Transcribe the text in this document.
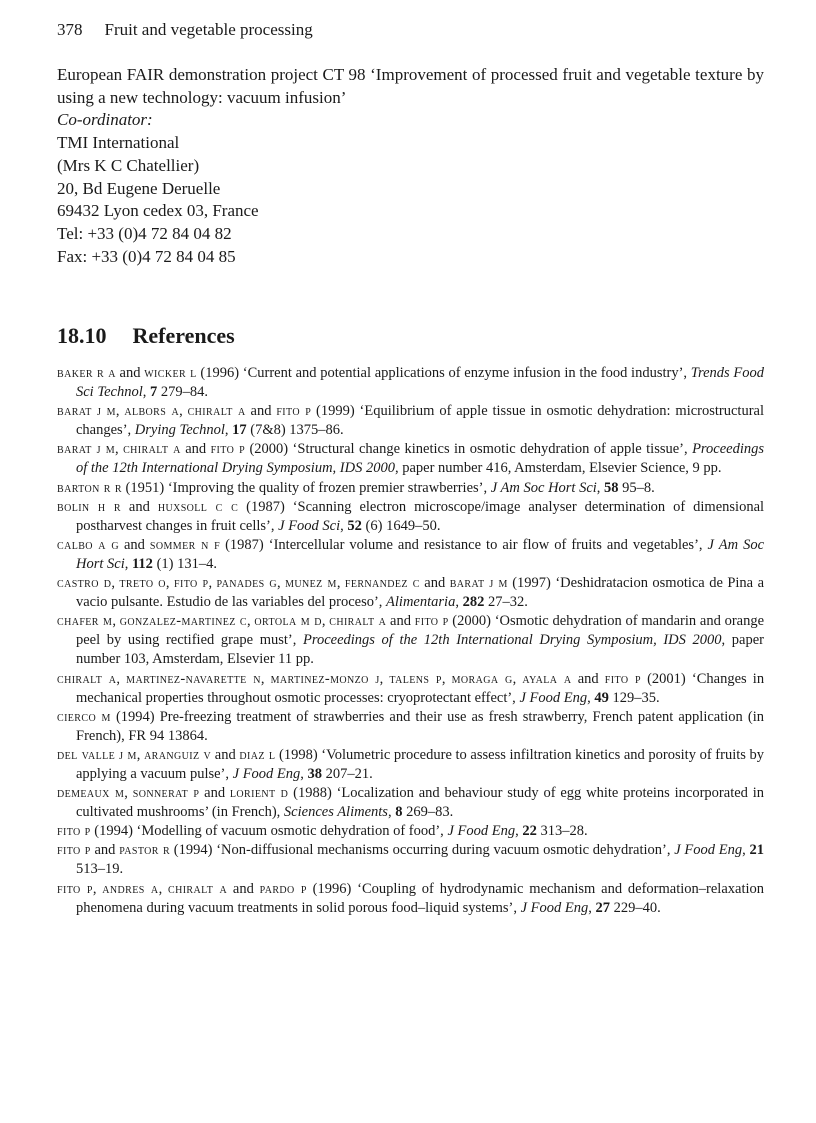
378 Fruit and vegetable processing
European FAIR demonstration project CT 98 ‘Improvement of processed fruit and vegetable texture by using a new technology: vacuum infusion’
Co-ordinator:
TMI International
(Mrs K C Chatellier)
20, Bd Eugene Deruelle
69432 Lyon cedex 03, France
Tel: +33 (0)4 72 84 04 82
Fax: +33 (0)4 72 84 04 85
18.10 References
baker r a and wicker l (1996) ‘Current and potential applications of enzyme infusion in the food industry’, Trends Food Sci Technol, 7 279–84.
barat j m, albors a, chiralt a and fito p (1999) ‘Equilibrium of apple tissue in osmotic dehydration: microstructural changes’, Drying Technol, 17 (7&8) 1375–86.
barat j m, chiralt a and fito p (2000) ‘Structural change kinetics in osmotic dehydration of apple tissue’, Proceedings of the 12th International Drying Symposium, IDS 2000, paper number 416, Amsterdam, Elsevier Science, 9 pp.
barton r r (1951) ‘Improving the quality of frozen premier strawberries’, J Am Soc Hort Sci, 58 95–8.
bolin h r and huxsoll c c (1987) ‘Scanning electron microscope/image analyser determination of dimensional postharvest changes in fruit cells’, J Food Sci, 52 (6) 1649–50.
calbo a g and sommer n f (1987) ‘Intercellular volume and resistance to air flow of fruits and vegetables’, J Am Soc Hort Sci, 112 (1) 131–4.
castro d, treto o, fito p, panades g, munez m, fernandez c and barat j m (1997) ‘Deshidratacion osmotica de Pina a vacio pulsante. Estudio de las variables del proceso’, Alimentaria, 282 27–32.
chafer m, gonzalez-martinez c, ortola m d, chiralt a and fito p (2000) ‘Osmotic dehydration of mandarin and orange peel by using rectified grape must’, Proceedings of the 12th International Drying Symposium, IDS 2000, paper number 103, Amsterdam, Elsevier 11 pp.
chiralt a, martinez-navarette n, martinez-monzo j, talens p, moraga g, ayala a and fito p (2001) ‘Changes in mechanical properties throughout osmotic processes: cryoprotectant effect’, J Food Eng, 49 129–35.
cierco m (1994) Pre-freezing treatment of strawberries and their use as fresh strawberry, French patent application (in French), FR 94 13864.
del valle j m, aranguiz v and diaz l (1998) ‘Volumetric procedure to assess infiltration kinetics and porosity of fruits by applying a vacuum pulse’, J Food Eng, 38 207–21.
demeaux m, sonnerat p and lorient d (1988) ‘Localization and behaviour study of egg white proteins incorporated in cultivated mushrooms’ (in French), Sciences Aliments, 8 269–83.
fito p (1994) ‘Modelling of vacuum osmotic dehydration of food’, J Food Eng, 22 313–28.
fito p and pastor r (1994) ‘Non-diffusional mechanisms occurring during vacuum osmotic dehydration’, J Food Eng, 21 513–19.
fito p, andres a, chiralt a and pardo p (1996) ‘Coupling of hydrodynamic mechanism and deformation–relaxation phenomena during vacuum treatments in solid porous food–liquid systems’, J Food Eng, 27 229–40.
